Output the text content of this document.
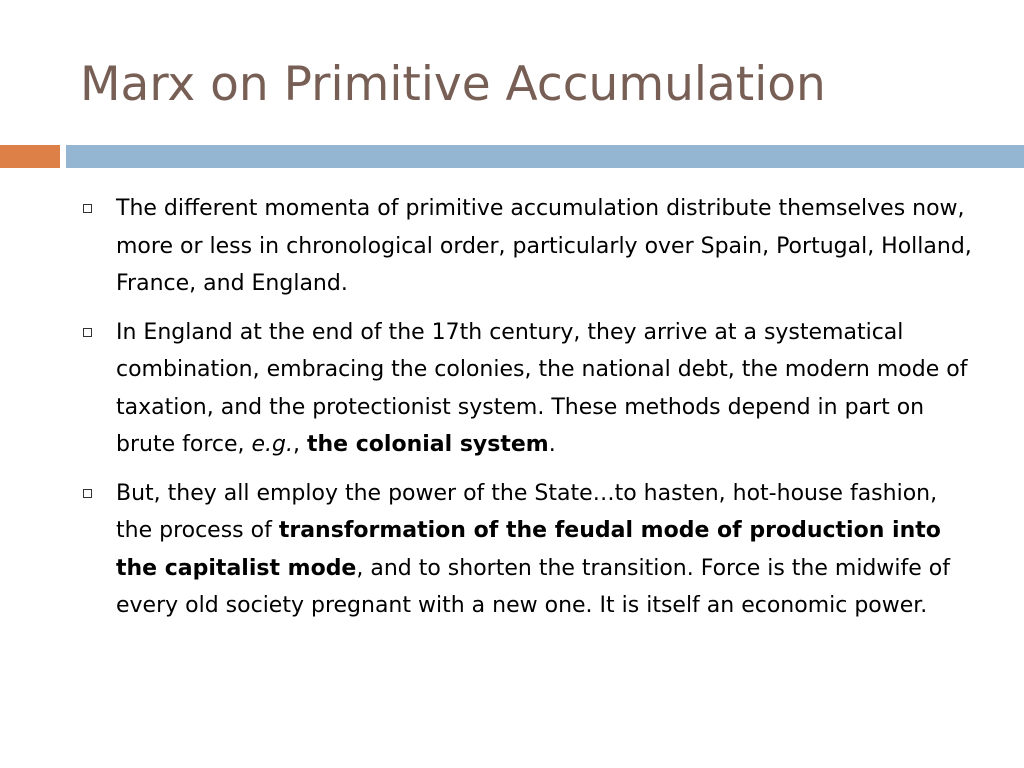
Marx on Primitive Accumulation
The different momenta of primitive accumulation distribute themselves now, more or less in chronological order, particularly over Spain, Portugal, Holland, France, and England.
In England at the end of the 17th century, they arrive at a systematical combination, embracing the colonies, the national debt, the modern mode of taxation, and the protectionist system. These methods depend in part on brute force, e.g., the colonial system.
But, they all employ the power of the State…to hasten, hot-house fashion, the process of transformation of the feudal mode of production into the capitalist mode, and to shorten the transition. Force is the midwife of every old society pregnant with a new one. It is itself an economic power.
